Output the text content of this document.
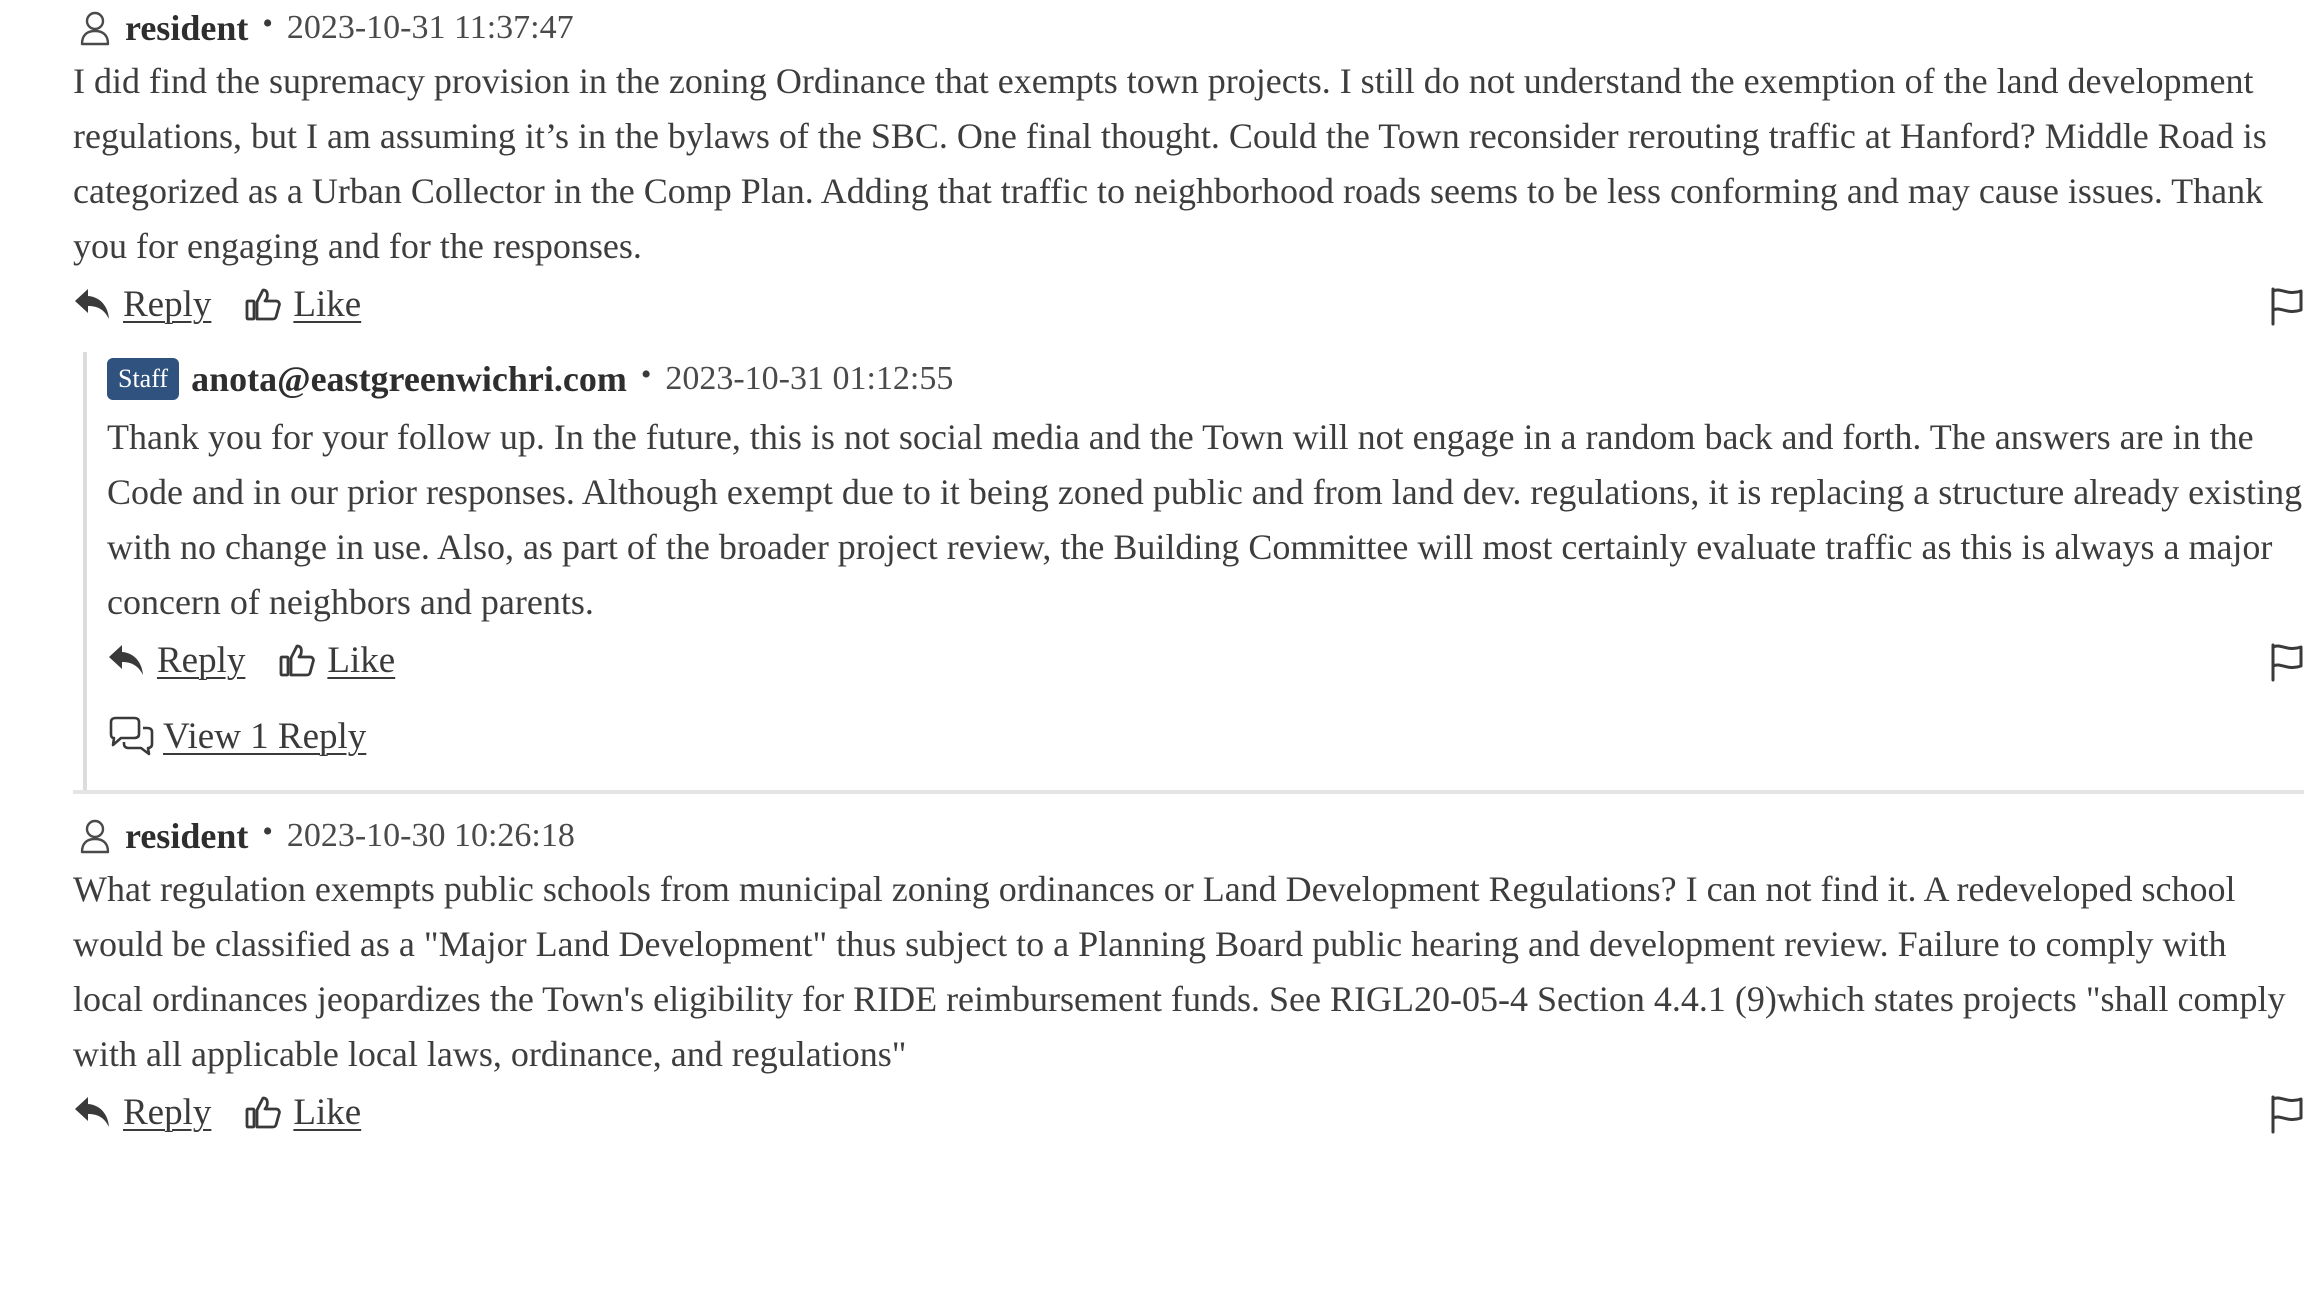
resident • 2023-10-31 11:37:47

I did find the supremacy provision in the zoning Ordinance that exempts town projects. I still do not understand the exemption of the land development regulations, but I am assuming it’s in the bylaws of the SBC. One final thought. Could the Town reconsider rerouting traffic at Hanford? Middle Road is categorized as a Urban Collector in the Comp Plan. Adding that traffic to neighborhood roads seems to be less conforming and may cause issues. Thank you for engaging and for the responses.

Reply Like
Staff anota@eastgreenwichri.com • 2023-10-31 01:12:55

Thank you for your follow up. In the future, this is not social media and the Town will not engage in a random back and forth. The answers are in the Code and in our prior responses. Although exempt due to it being zoned public and from land dev. regulations, it is replacing a structure already existing with no change in use. Also, as part of the broader project review, the Building Committee will most certainly evaluate traffic as this is always a major concern of neighbors and parents.

Reply Like
View 1 Reply
resident • 2023-10-30 10:26:18

What regulation exempts public schools from municipal zoning ordinances or Land Development Regulations? I can not find it. A redeveloped school would be classified as a "Major Land Development" thus subject to a Planning Board public hearing and development review. Failure to comply with local ordinances jeopardizes the Town's eligibility for RIDE reimbursement funds. See RIGL20-05-4 Section 4.4.1 (9)which states projects "shall comply with all applicable local laws, ordinance, and regulations"

Reply Like
